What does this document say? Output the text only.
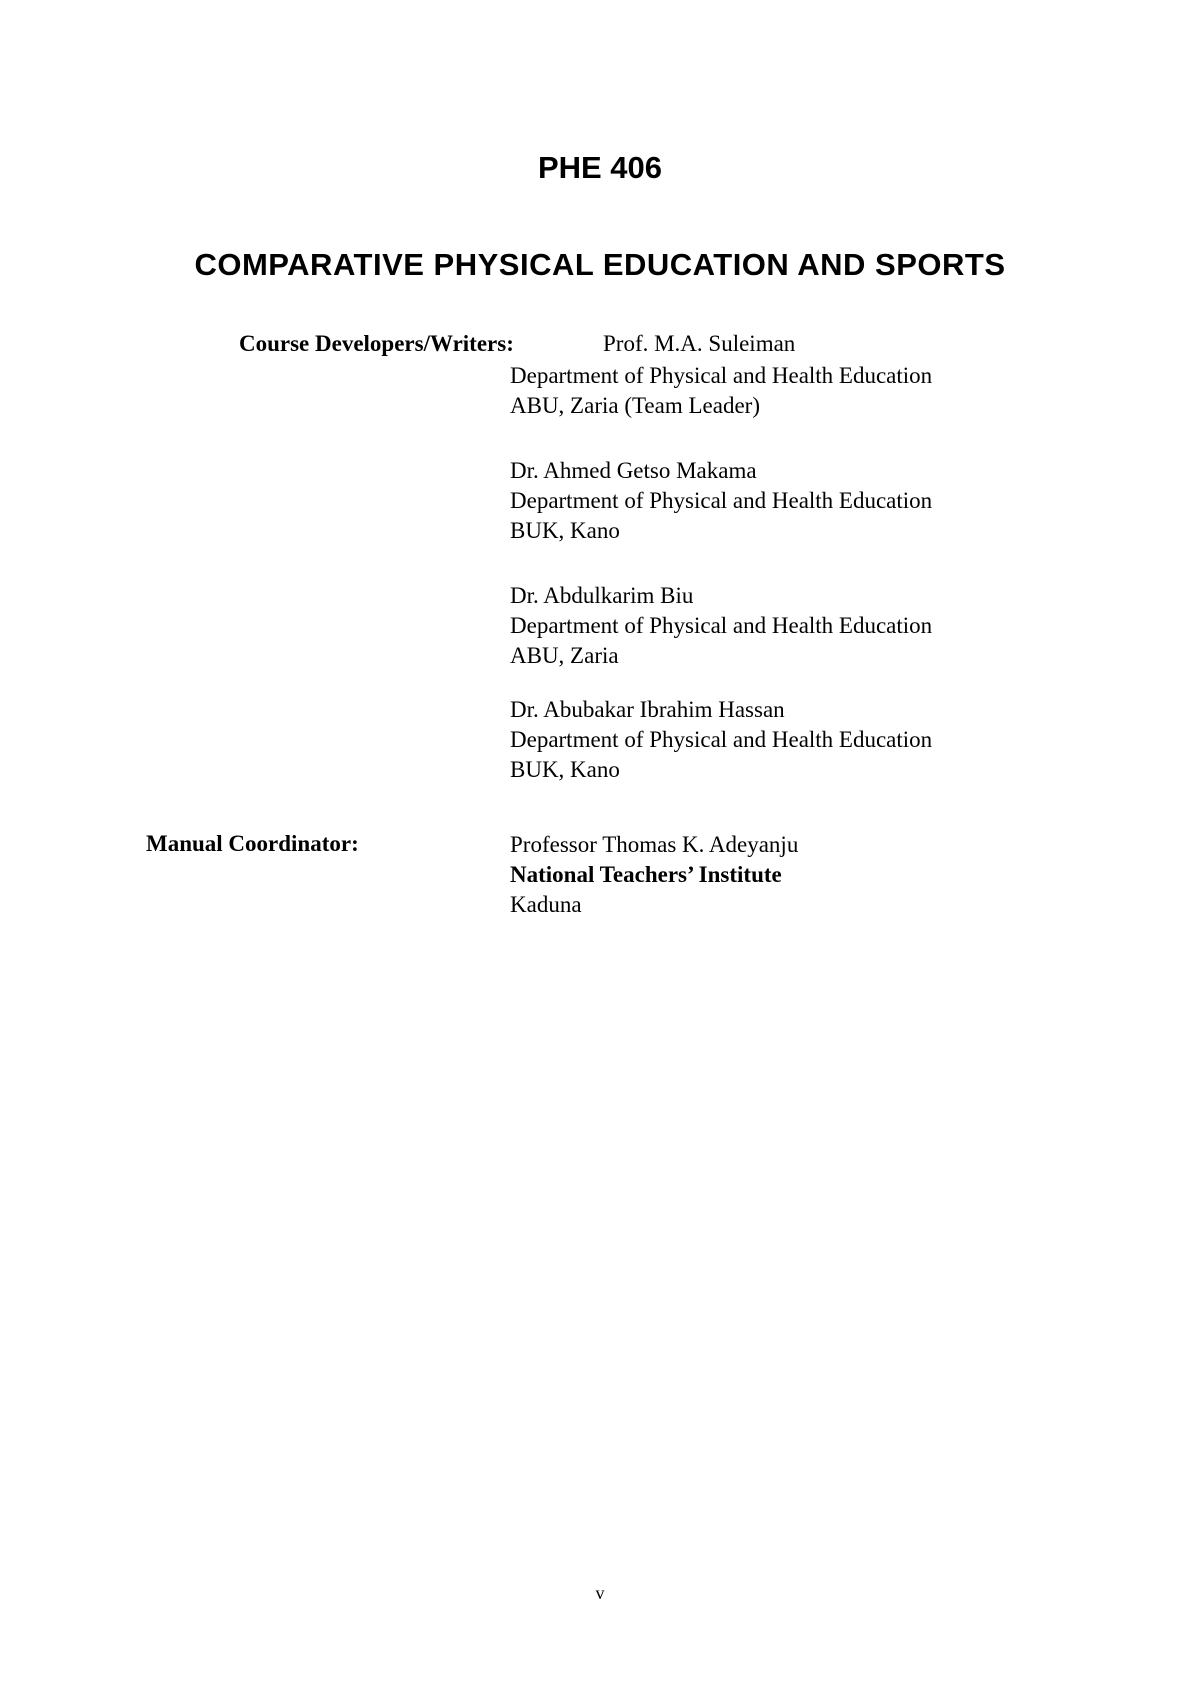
PHE 406
COMPARATIVE PHYSICAL EDUCATION AND SPORTS
Course Developers/Writers:	Prof. M.A. Suleiman
Department of Physical and Health Education
ABU, Zaria (Team Leader)
Dr. Ahmed Getso Makama
Department of Physical and Health Education
BUK, Kano
Dr. Abdulkarim Biu
Department of Physical and Health Education
ABU, Zaria
Dr. Abubakar Ibrahim Hassan
Department of Physical and Health Education
BUK, Kano
Manual Coordinator:	Professor Thomas K. Adeyanju
National Teachers’ Institute
Kaduna
v
